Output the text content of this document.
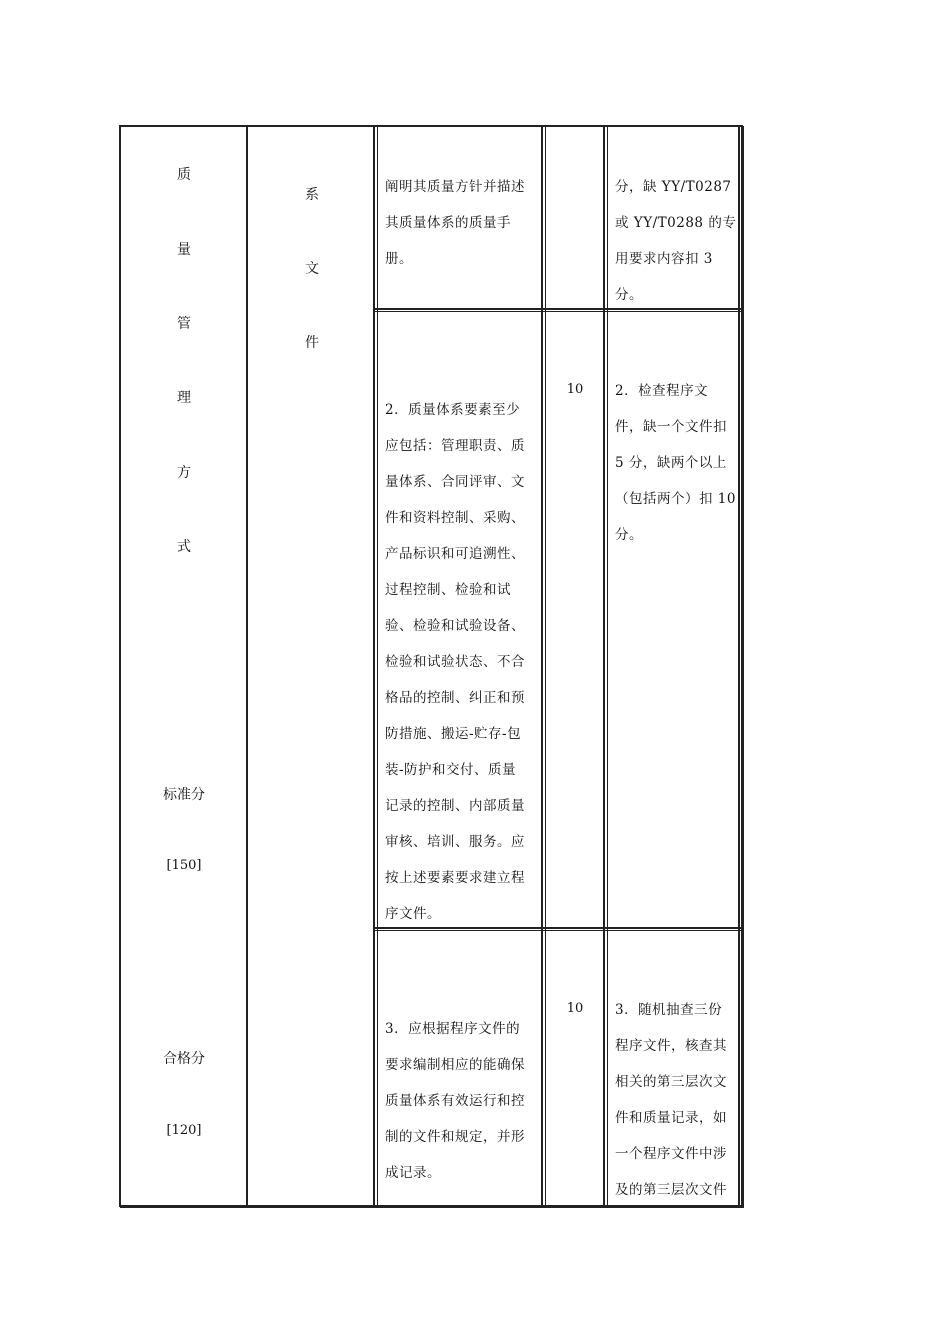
质
量
管
理
方
式
标准分
[150]
合格分
[120]
系
文
件
阐明其质量方针并描述
其质量体系的质量手
册。
分，缺 YY/T0287
或 YY/T0288 的专
用要求内容扣 3
分。
2．质量体系要素至少
应包括：管理职责、质
量体系、合同评审、文
件和资料控制、采购、
产品标识和可追溯性、
过程控制、检验和试
验、检验和试验设备、
检验和试验状态、不合
格品的控制、纠正和预
防措施、搬运-贮存-包
装-防护和交付、质量
记录的控制、内部质量
审核、培训、服务。应
按上述要素要求建立程
序文件。
10	2．检查程序文
件，缺一个文件扣
5 分，缺两个以上
（包括两个）扣 10
分。
3．应根据程序文件的
要求编制相应的能确保
质量体系有效运行和控
制的文件和规定，并形
成记录。
10	3．随机抽查三份
程序文件，核查其
相关的第三层次文
件和质量记录，如
一个程序文件中涉
及的第三层次文件
